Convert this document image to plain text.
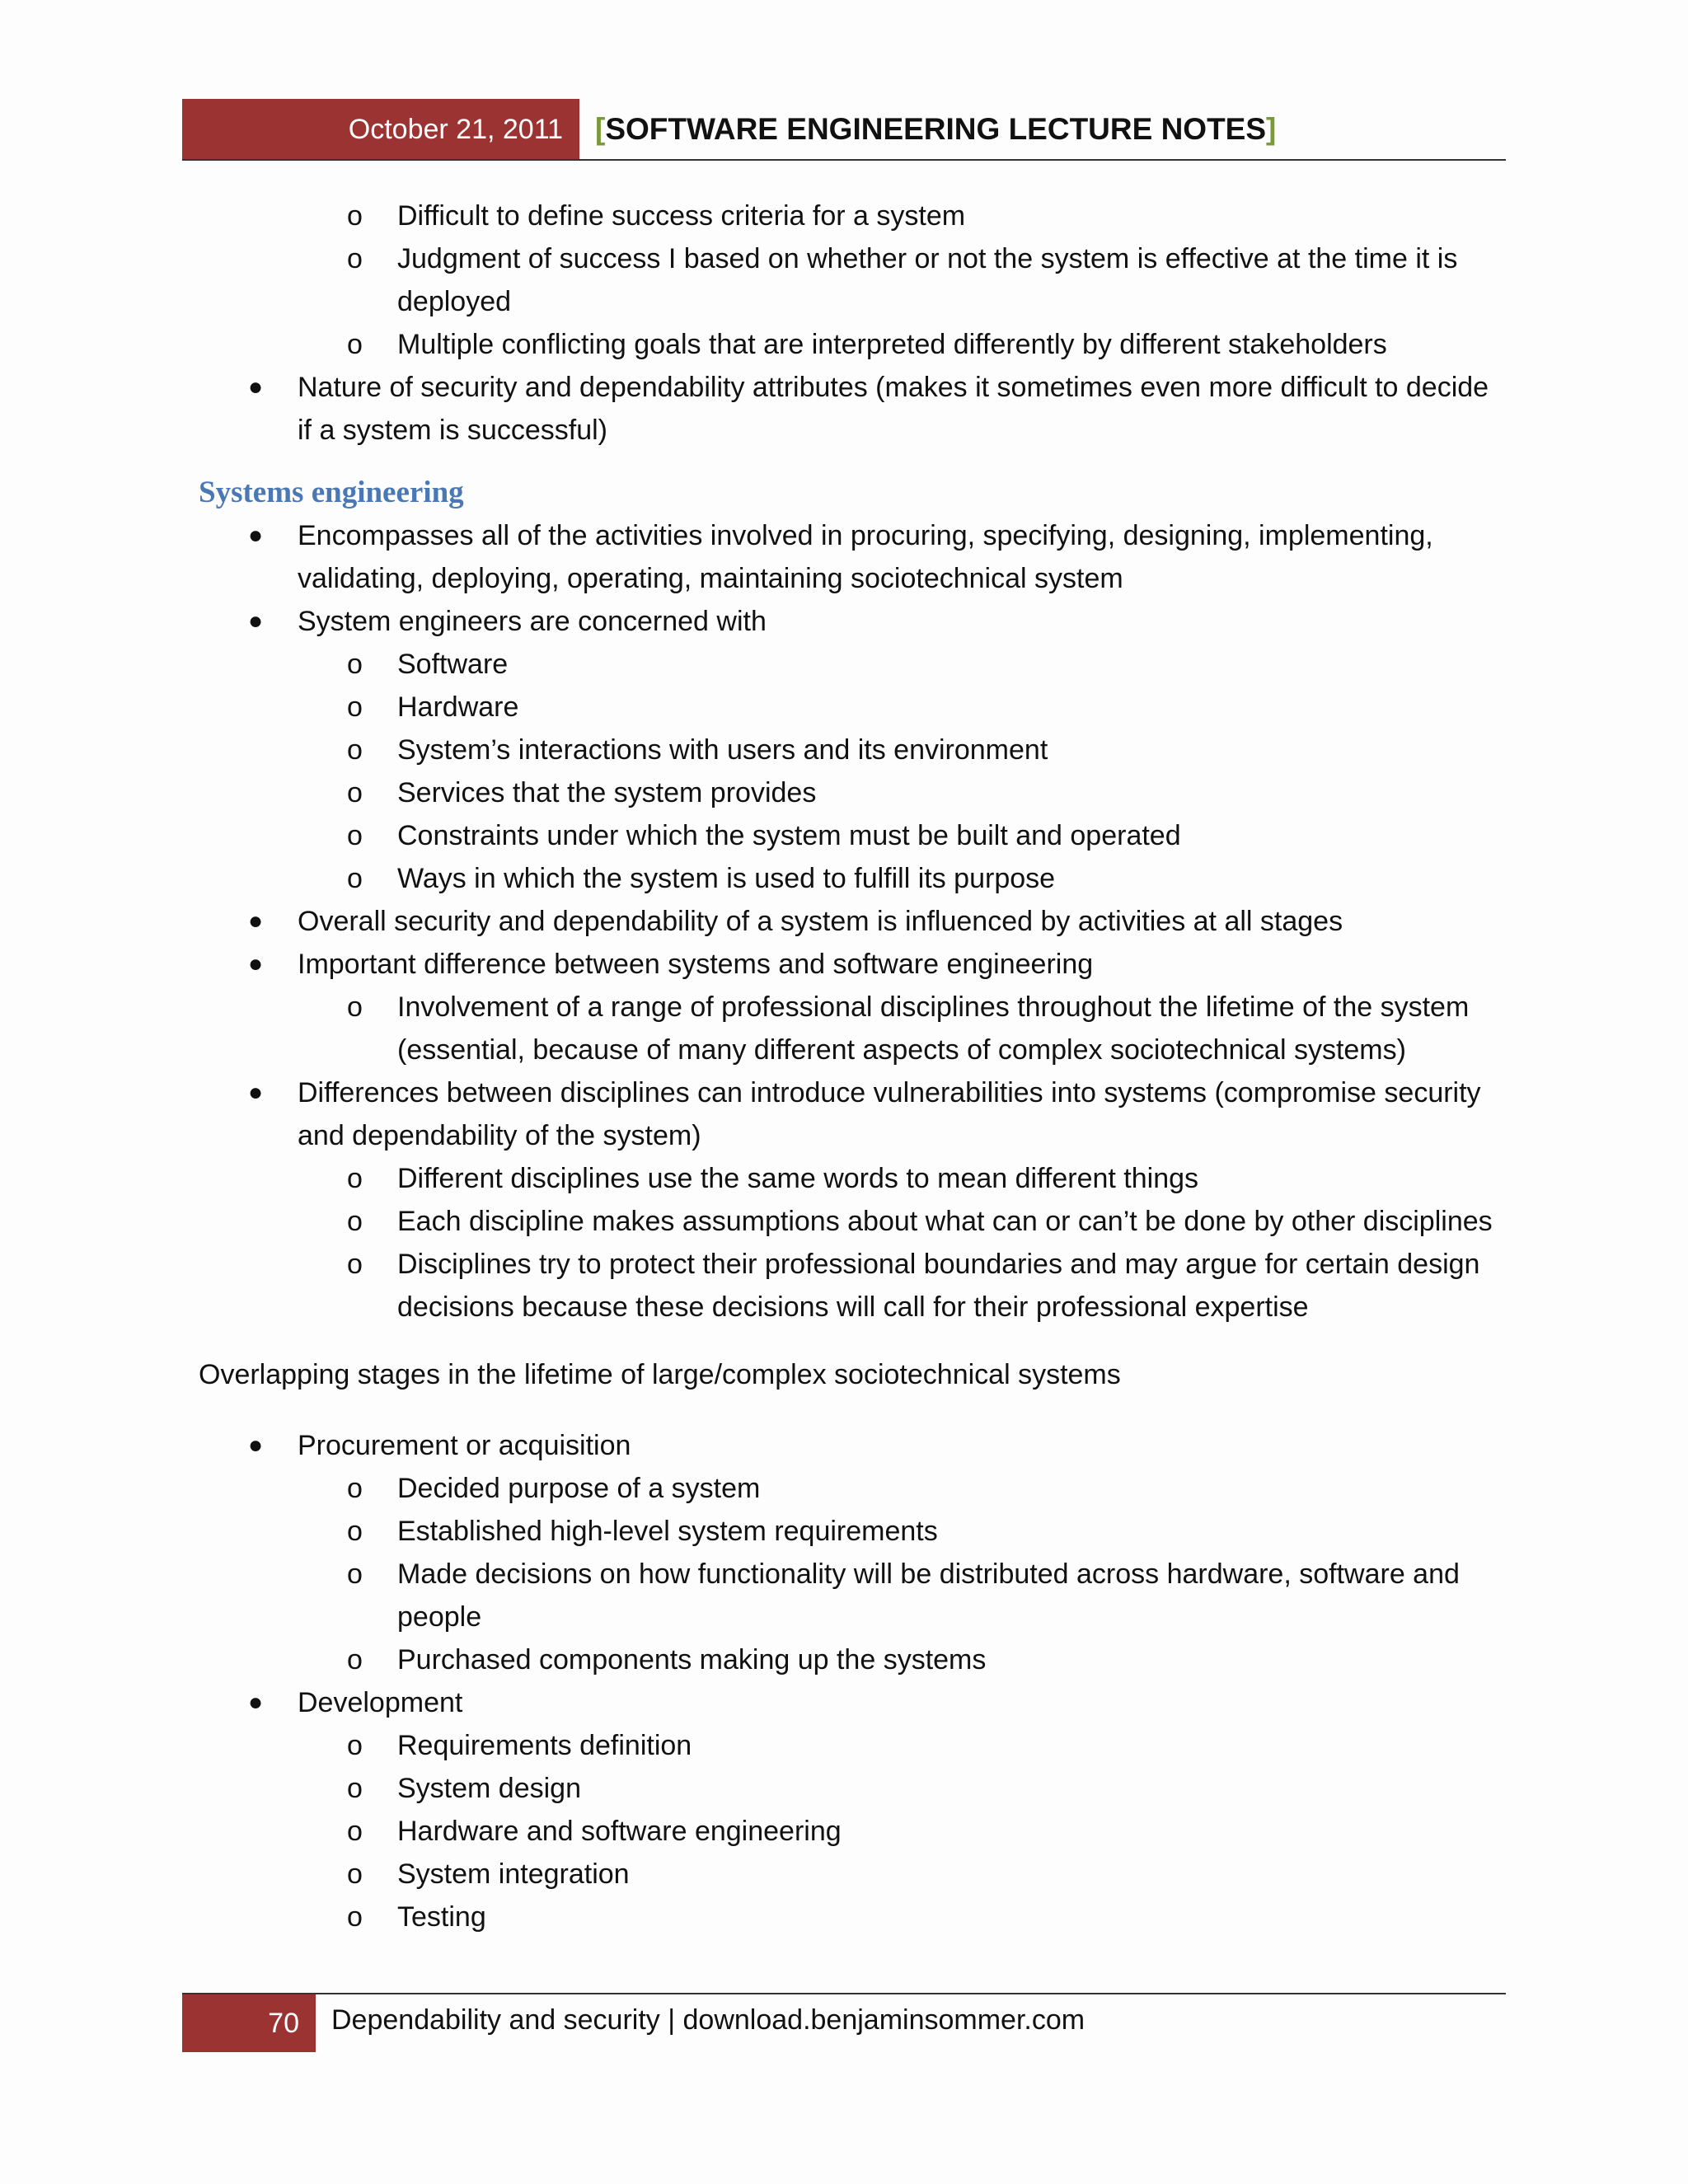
October 21, 2011 [SOFTWARE ENGINEERING LECTURE NOTES]
o Difficult to define success criteria for a system
o Judgment of success I based on whether or not the system is effective at the time it is deployed
o Multiple conflicting goals that are interpreted differently by different stakeholders
● Nature of security and dependability attributes (makes it sometimes even more difficult to decide if a system is successful)
Systems engineering
● Encompasses all of the activities involved in procuring, specifying, designing, implementing, validating, deploying, operating, maintaining sociotechnical system
● System engineers are concerned with
o Software
o Hardware
o System’s interactions with users and its environment
o Services that the system provides
o Constraints under which the system must be built and operated
o Ways in which the system is used to fulfill its purpose
● Overall security and dependability of a system is influenced by activities at all stages
● Important difference between systems and software engineering
o Involvement of a range of professional disciplines throughout the lifetime of the system (essential, because of many different aspects of complex sociotechnical systems)
● Differences between disciplines can introduce vulnerabilities into systems (compromise security and dependability of the system)
o Different disciplines use the same words to mean different things
o Each discipline makes assumptions about what can or can’t be done by other disciplines
o Disciplines try to protect their professional boundaries and may argue for certain design decisions because these decisions will call for their professional expertise

Overlapping stages in the lifetime of large/complex sociotechnical systems

● Procurement or acquisition
o Decided purpose of a system
o Established high-level system requirements
o Made decisions on how functionality will be distributed across hardware, software and people
o Purchased components making up the systems
● Development
o Requirements definition
o System design
o Hardware and software engineering
o System integration
o Testing
70 Dependability and security | download.benjaminsommer.com
